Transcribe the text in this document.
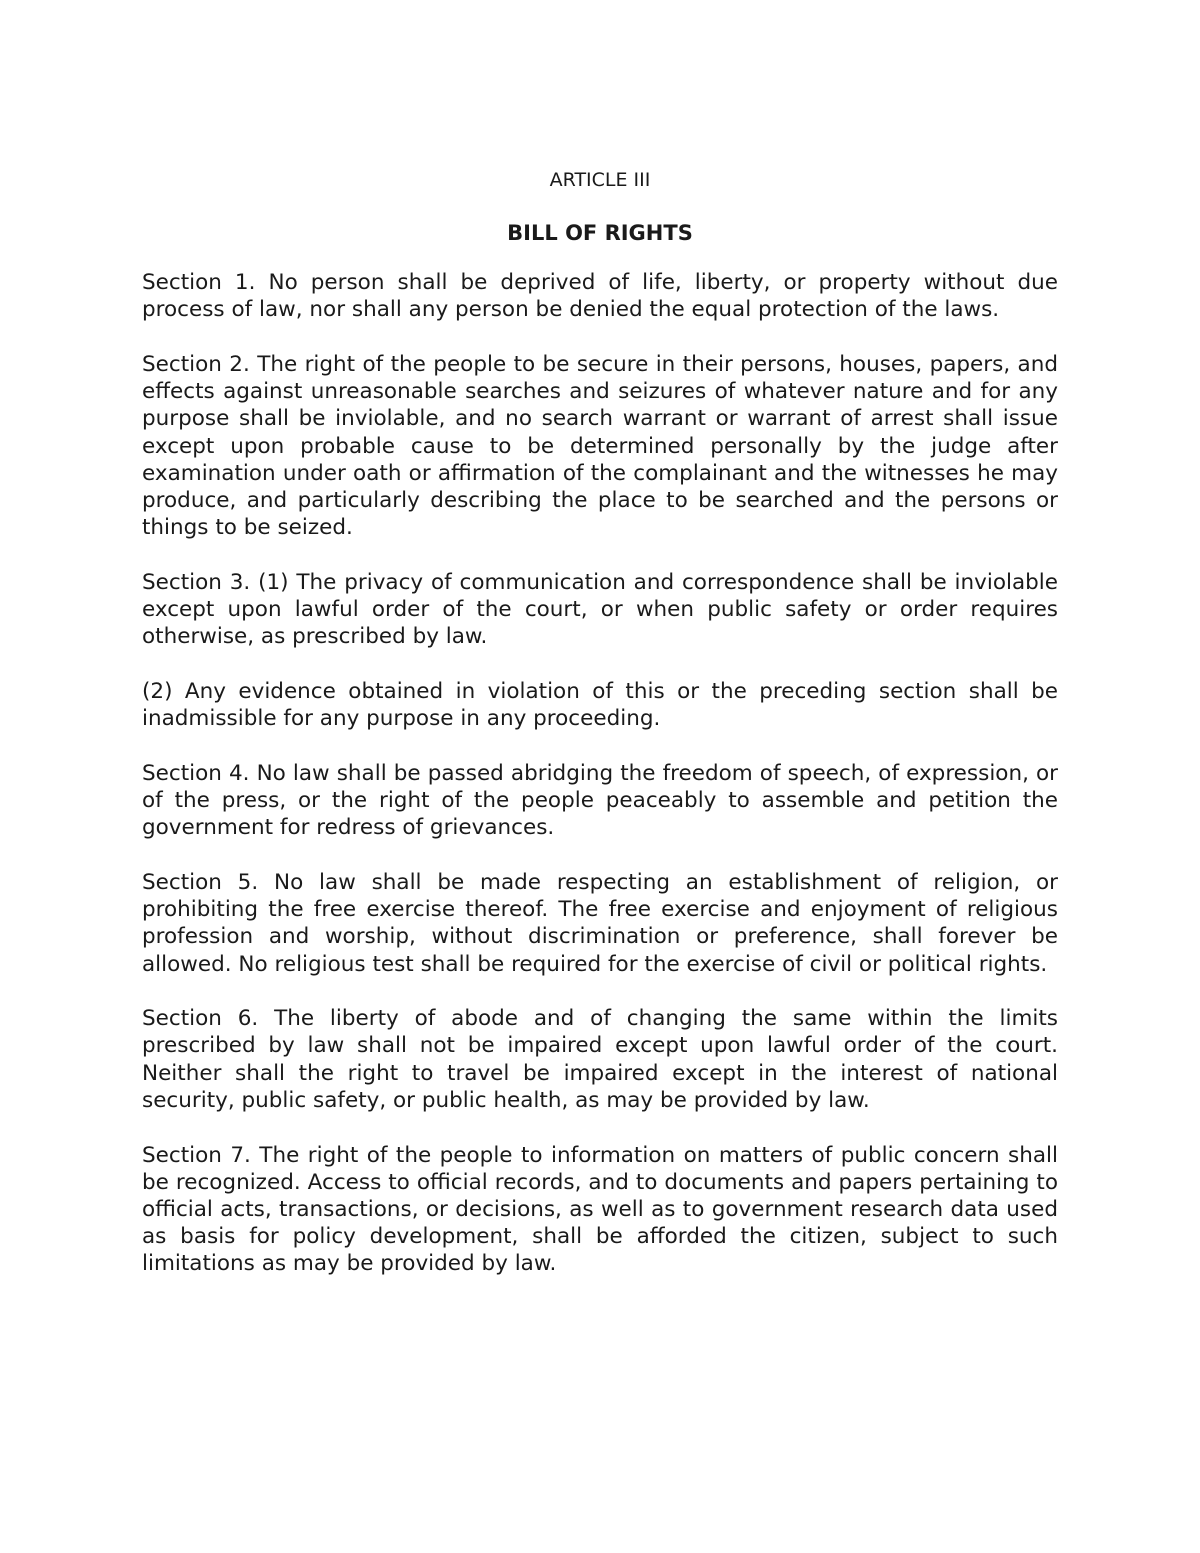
ARTICLE III
BILL OF RIGHTS

Section 1. No person shall be deprived of life, liberty, or property without due process of law, nor shall any person be denied the equal protection of the laws.

Section 2. The right of the people to be secure in their persons, houses, papers, and effects against unreasonable searches and seizures of whatever nature and for any purpose shall be inviolable, and no search warrant or warrant of arrest shall issue except upon probable cause to be determined personally by the judge after examination under oath or affirmation of the complainant and the witnesses he may produce, and particularly describing the place to be searched and the persons or things to be seized.

Section 3. (1) The privacy of communication and correspondence shall be inviolable except upon lawful order of the court, or when public safety or order requires otherwise, as prescribed by law.

(2) Any evidence obtained in violation of this or the preceding section shall be inadmissible for any purpose in any proceeding.

Section 4. No law shall be passed abridging the freedom of speech, of expression, or of the press, or the right of the people peaceably to assemble and petition the government for redress of grievances.

Section 5. No law shall be made respecting an establishment of religion, or prohibiting the free exercise thereof. The free exercise and enjoyment of religious profession and worship, without discrimination or preference, shall forever be allowed. No religious test shall be required for the exercise of civil or political rights.

Section 6. The liberty of abode and of changing the same within the limits prescribed by law shall not be impaired except upon lawful order of the court. Neither shall the right to travel be impaired except in the interest of national security, public safety, or public health, as may be provided by law.

Section 7. The right of the people to information on matters of public concern shall be recognized. Access to official records, and to documents and papers pertaining to official acts, transactions, or decisions, as well as to government research data used as basis for policy development, shall be afforded the citizen, subject to such limitations as may be provided by law.
